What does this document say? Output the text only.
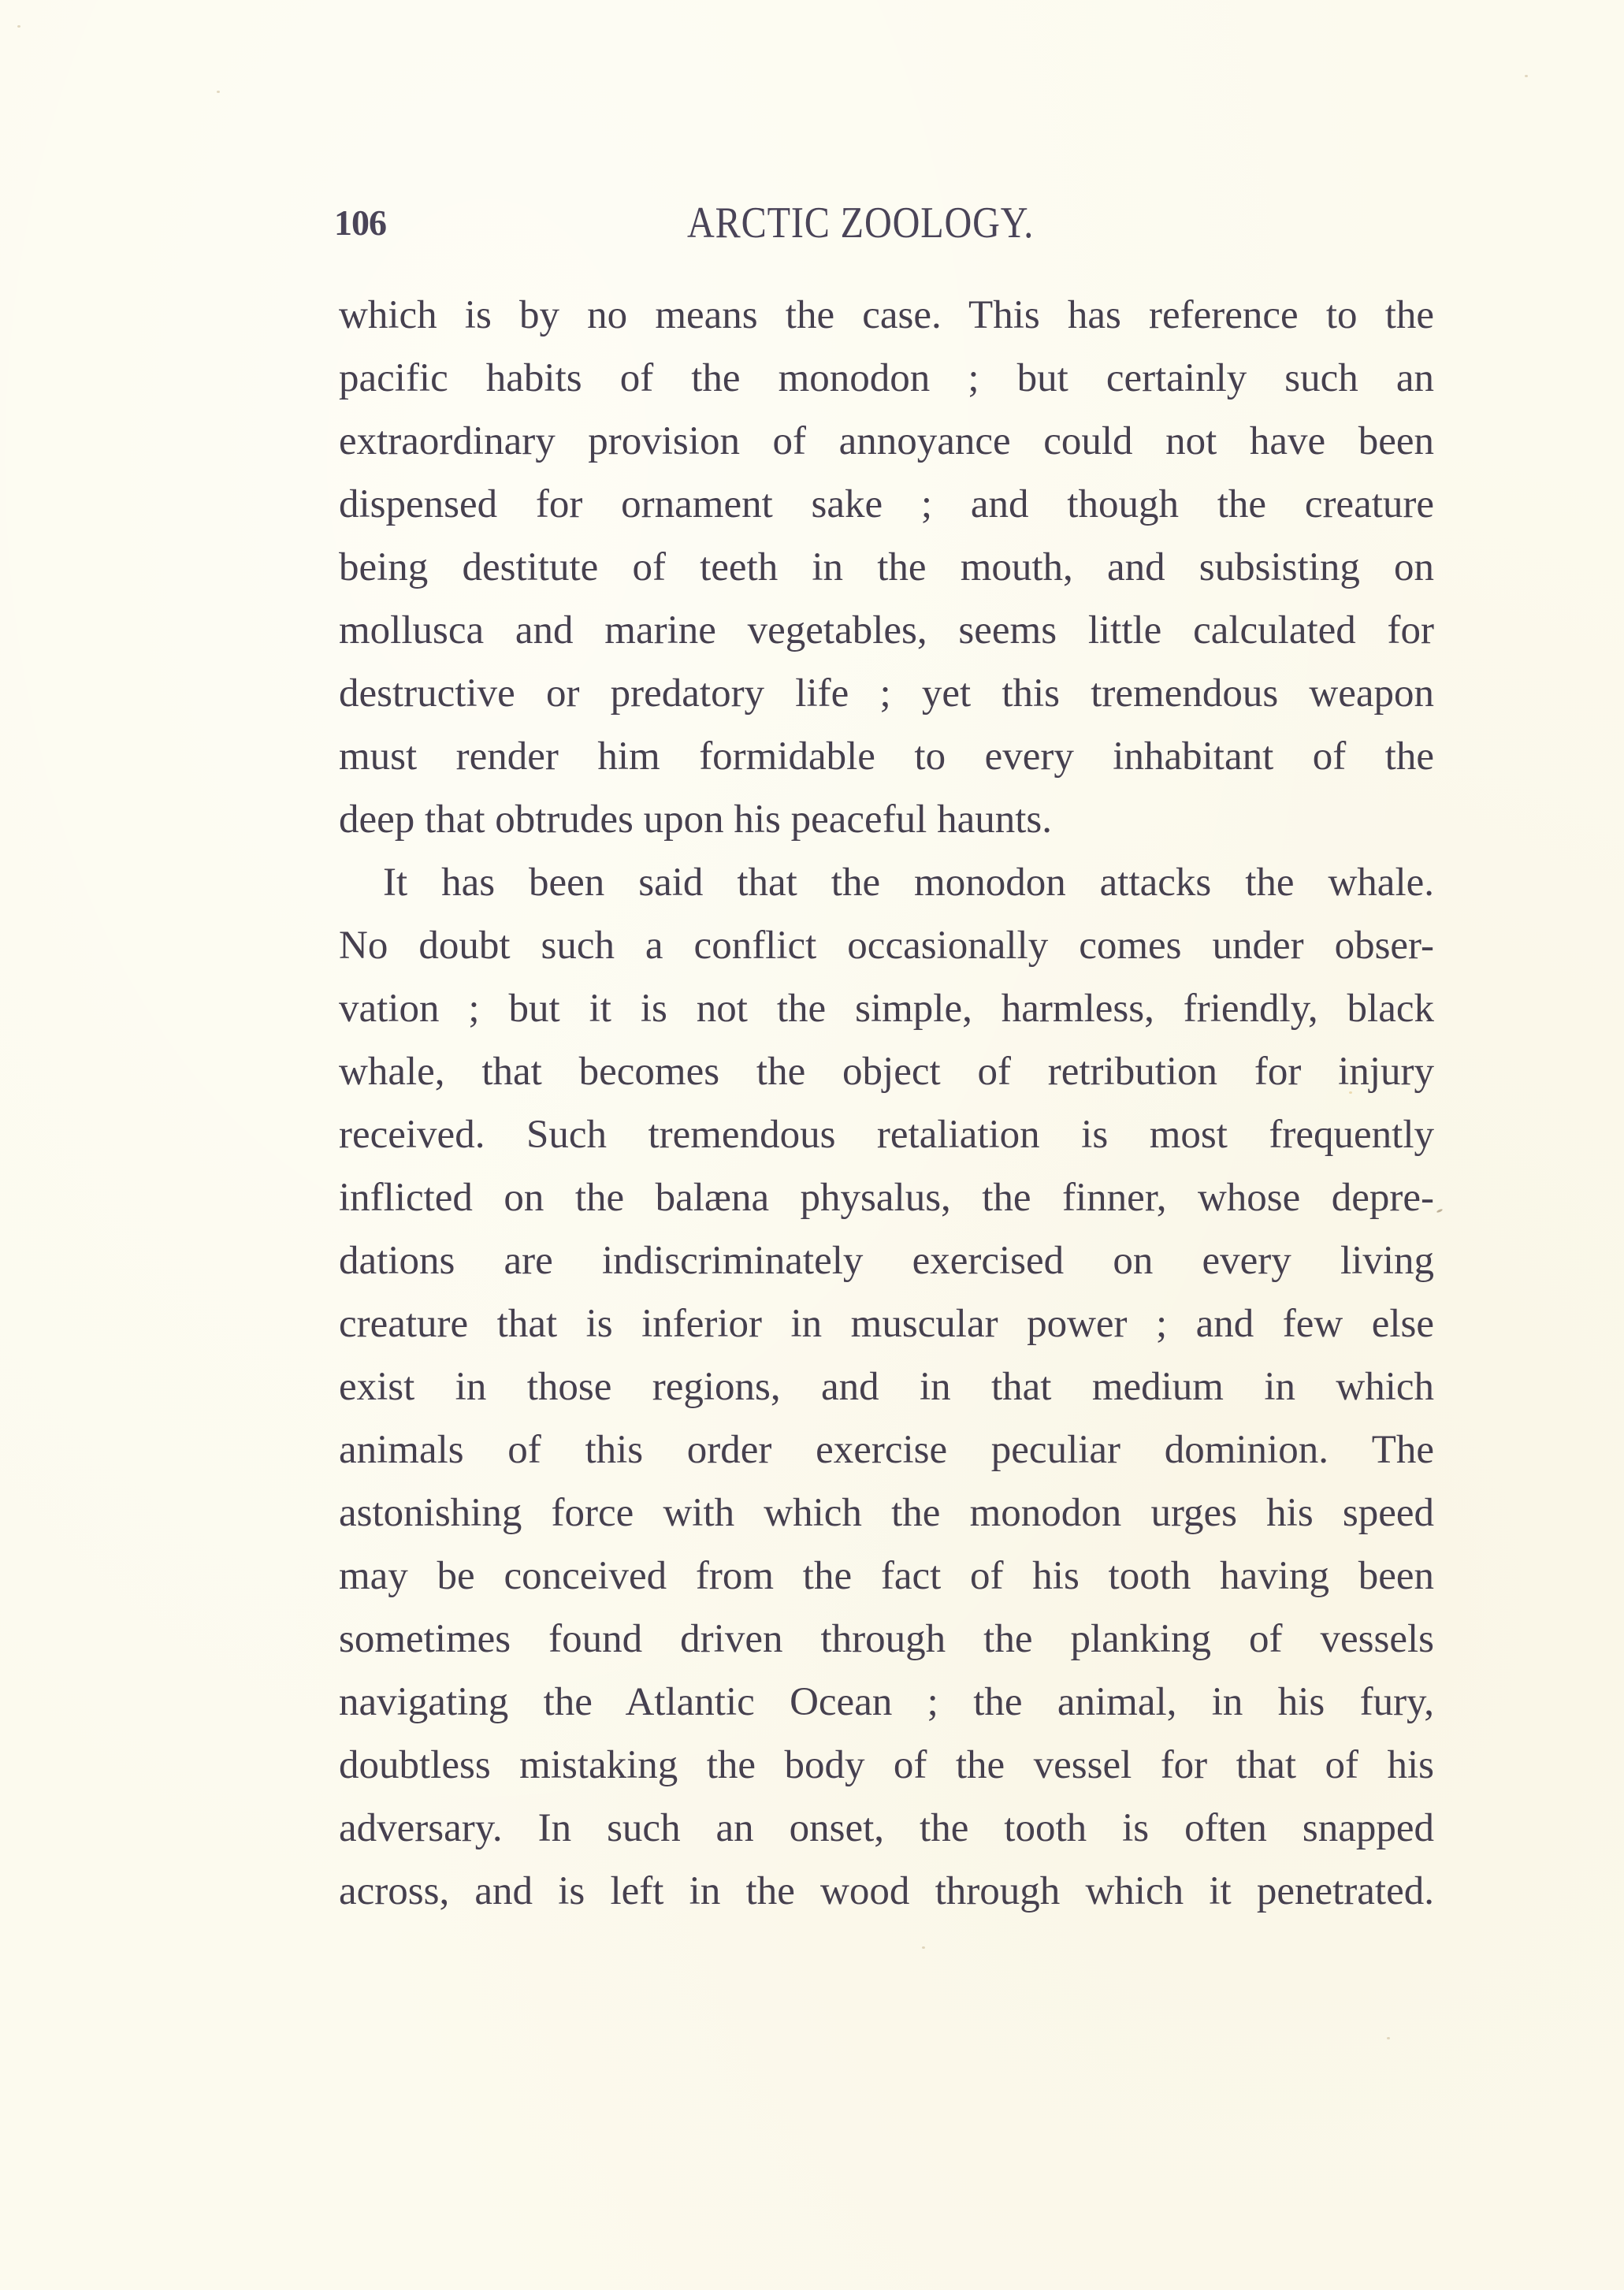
106	ARCTIC ZOOLOGY.
which is by no means the case. This has reference to the
pacific habits of the monodon ; but certainly such an
extraordinary provision of annoyance could not have been
dispensed for ornament sake ; and though the creature
being destitute of teeth in the mouth, and subsisting on
mollusca and marine vegetables, seems little calculated for
destructive or predatory life ; yet this tremendous weapon
must render him formidable to every inhabitant of the
deep that obtrudes upon his peaceful haunts.
It has been said that the monodon attacks the whale.
No doubt such a conflict occasionally comes under obser-
vation ; but it is not the simple, harmless, friendly, black
whale, that becomes the object of retribution for injury
received. Such tremendous retaliation is most frequently
inflicted on the balæna physalus, the finner, whose depre-
dations are indiscriminately exercised on every living
creature that is inferior in muscular power ; and few else
exist in those regions, and in that medium in which
animals of this order exercise peculiar dominion. The
astonishing force with which the monodon urges his speed
may be conceived from the fact of his tooth having been
sometimes found driven through the planking of vessels
navigating the Atlantic Ocean ; the animal, in his fury,
doubtless mistaking the body of the vessel for that of his
adversary. In such an onset, the tooth is often snapped
across, and is left in the wood through which it penetrated.
